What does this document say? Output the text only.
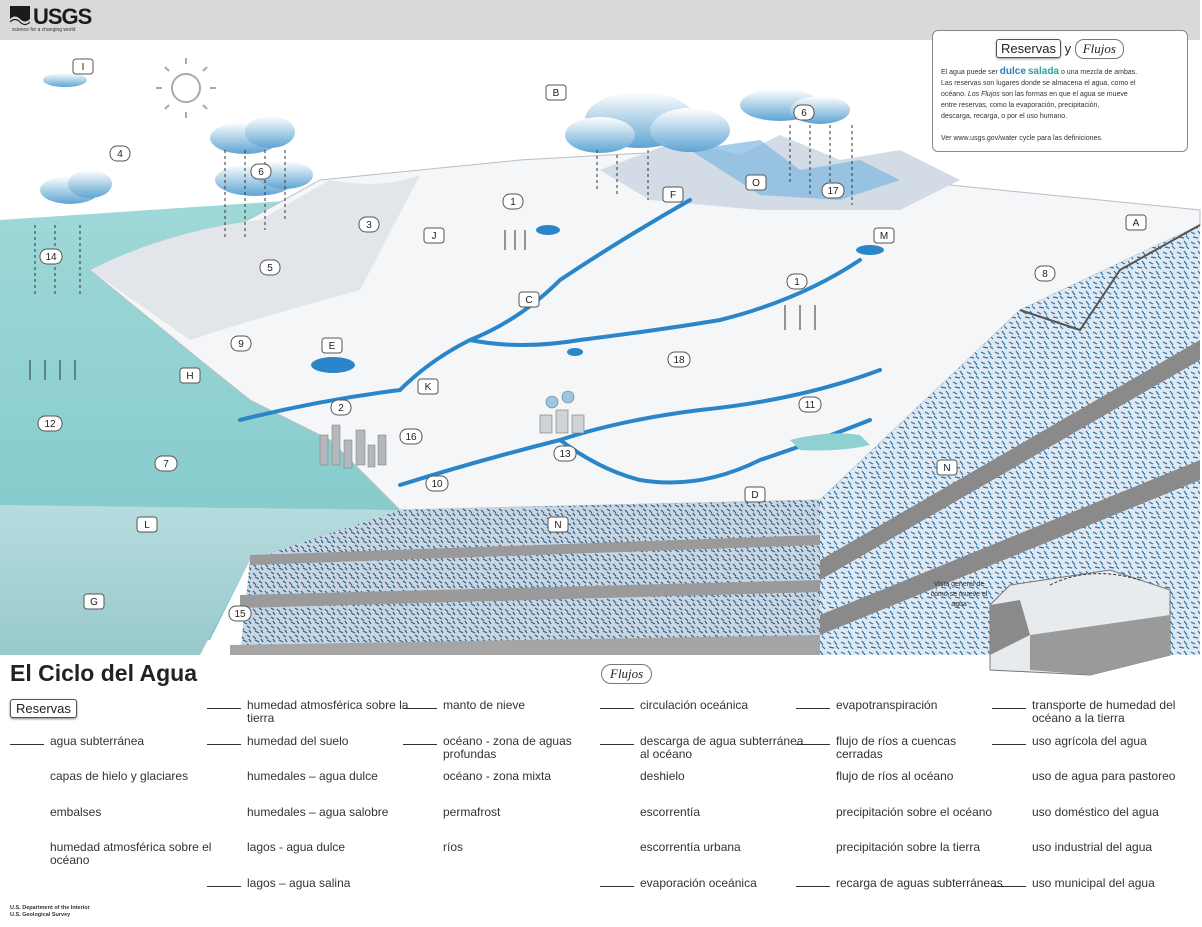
USGS
science for a changing world
A
B
C
D
E
F
G
H
I
J
K
L
M
N
N
O
1
1
2
3
4
5
6
6
7
8
9
10
11
12
13
14
15
16
17
18
Reservas y Flujos
El agua puede ser dulce salada o una mezcla de ambas.
Las reservas son lugares donde se almacena el agua, como el
océano. Los Flujos son las formas en que el agua se mueve
entre reservas, como la evaporación, precipitación,
descarga, recarga, o por el uso humano.

Ver www.usgs.gov/water cycle para las definiciones.
Vista general de cómo se mueve el agua
El Ciclo del Agua
Reservas
Flujos
agua subterránea
capas de hielo y glaciares
embalses
humedad atmosférica sobre el océano
humedad atmosférica sobre la tierra
humedad del suelo
humedales – agua dulce
humedales – agua salobre
lagos - agua dulce
lagos – agua salina
manto de nieve
océano - zona de aguas profundas
océano - zona mixta
permafrost
ríos
circulación oceánica
descarga de agua subterránea al océano
deshielo
escorrentía
escorrentía urbana
evaporación oceánica
evapotranspiración
flujo de ríos a cuencas cerradas
flujo de ríos al océano
precipitación sobre el océano
precipitación sobre la tierra
recarga de aguas subterráneas
transporte de humedad del océano a la tierra
uso agrícola del agua
uso de agua para pastoreo
uso doméstico del agua
uso industrial del agua
uso municipal del agua
U.S. Department of the Interior
U.S. Geological Survey
